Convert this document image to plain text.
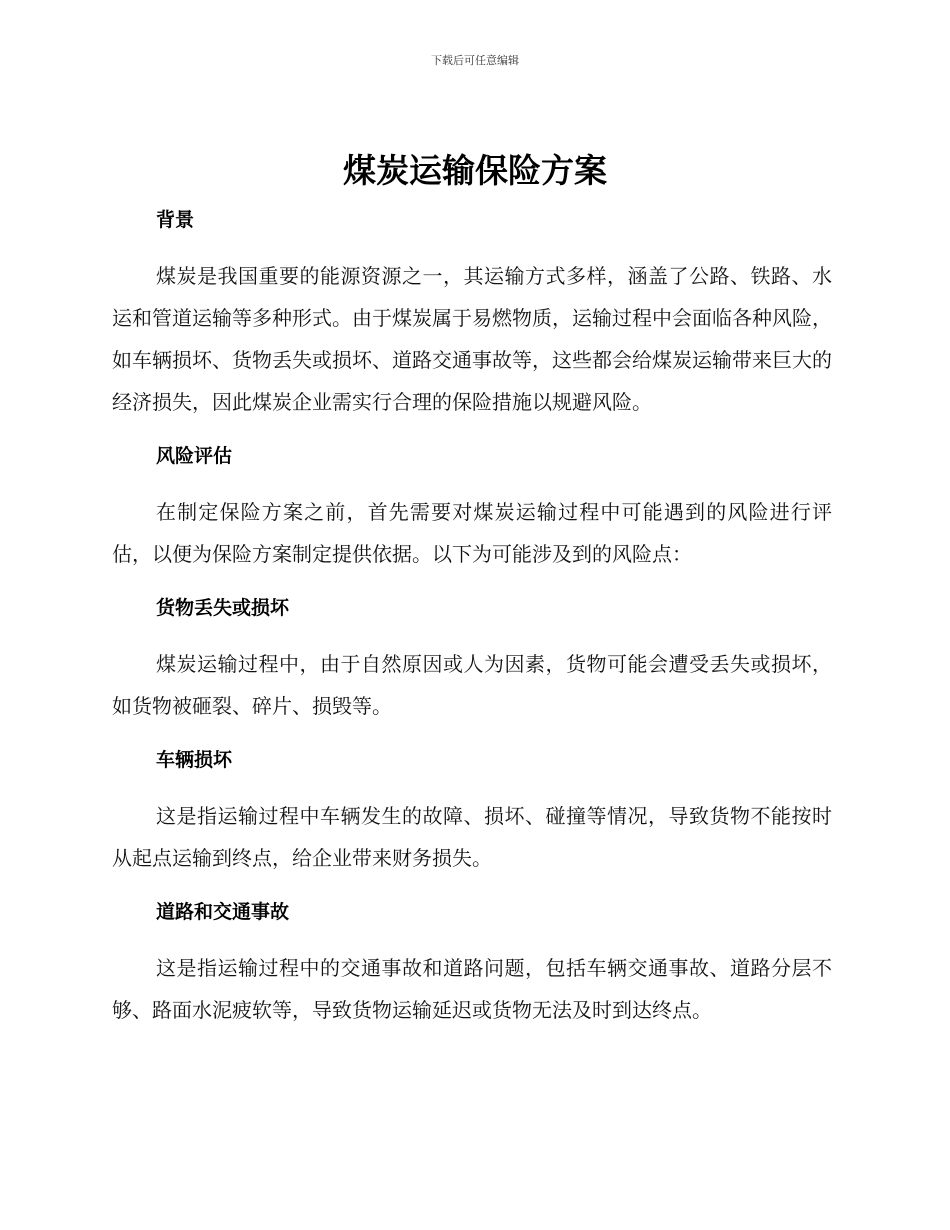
下载后可任意编辑
煤炭运输保险方案
背景

煤炭是我国重要的能源资源之一，其运输方式多样，涵盖了公路、铁路、水运和管道运输等多种形式。由于煤炭属于易燃物质，运输过程中会面临各种风险，如车辆损坏、货物丢失或损坏、道路交通事故等，这些都会给煤炭运输带来巨大的经济损失，因此煤炭企业需实行合理的保险措施以规避风险。

风险评估

在制定保险方案之前，首先需要对煤炭运输过程中可能遇到的风险进行评估，以便为保险方案制定提供依据。以下为可能涉及到的风险点：

货物丢失或损坏

煤炭运输过程中，由于自然原因或人为因素，货物可能会遭受丢失或损坏，如货物被砸裂、碎片、损毁等。

车辆损坏

这是指运输过程中车辆发生的故障、损坏、碰撞等情况，导致货物不能按时从起点运输到终点，给企业带来财务损失。

道路和交通事故

这是指运输过程中的交通事故和道路问题，包括车辆交通事故、道路分层不够、路面水泥疲软等，导致货物运输延迟或货物无法及时到达终点。
